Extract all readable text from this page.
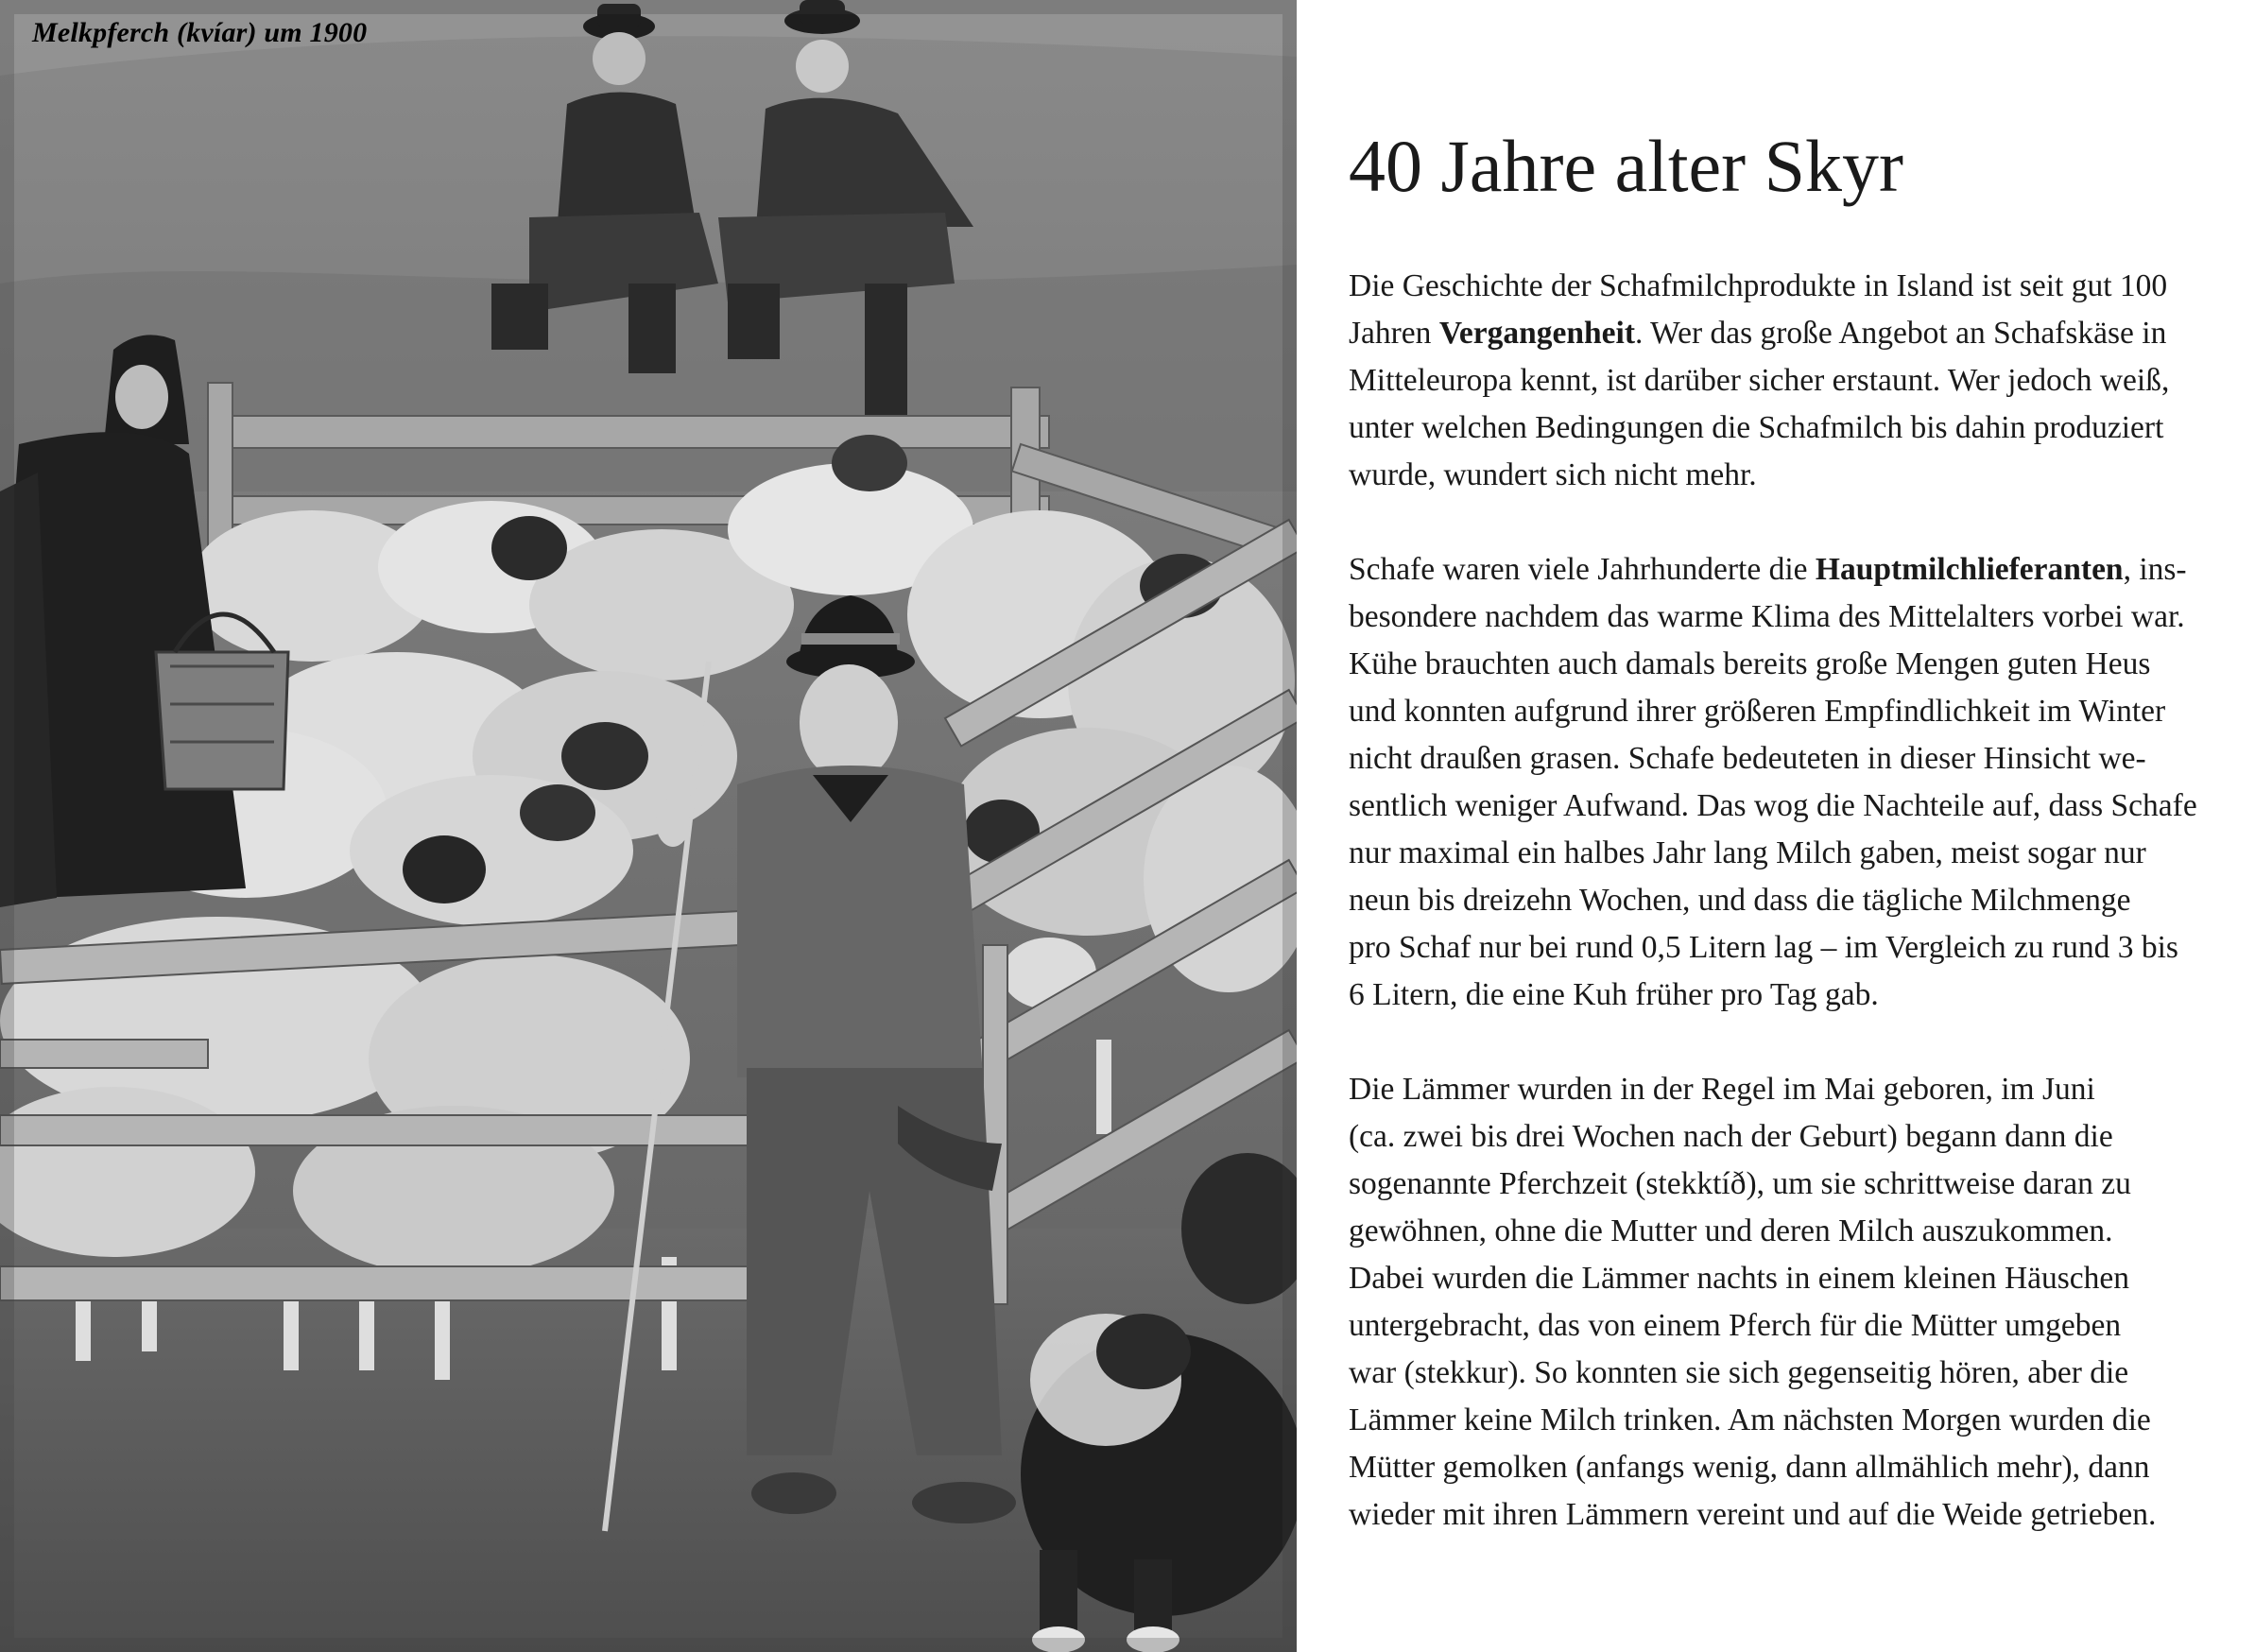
Melkpferch (kvíar) um 1900
40 Jahre alter Skyr

Die Geschichte der Schafmilchprodukte in Island ist seit gut 100
Jahren Vergangenheit. Wer das große Angebot an Schafskäse in
Mitteleuropa kennt, ist darüber sicher erstaunt. Wer jedoch weiß,
unter welchen Bedingungen die Schafmilch bis dahin produziert
wurde, wundert sich nicht mehr.

Schafe waren viele Jahrhunderte die Hauptmilchlieferanten, ins-
besondere nachdem das warme Klima des Mittelalters vorbei war.
Kühe brauchten auch damals bereits große Mengen guten Heus
und konnten aufgrund ihrer größeren Empfindlichkeit im Winter
nicht draußen grasen. Schafe bedeuteten in dieser Hinsicht we-
sentlich weniger Aufwand. Das wog die Nachteile auf, dass Schafe
nur maximal ein halbes Jahr lang Milch gaben, meist sogar nur
neun bis dreizehn Wochen, und dass die tägliche Milchmenge
pro Schaf nur bei rund 0,5 Litern lag – im Vergleich zu rund 3 bis
6 Litern, die eine Kuh früher pro Tag gab.

Die Lämmer wurden in der Regel im Mai geboren, im Juni
(ca. zwei bis drei Wochen nach der Geburt) begann dann die
sogenannte Pferchzeit (stekktíð), um sie schrittweise daran zu
gewöhnen, ohne die Mutter und deren Milch auszukommen.
Dabei wurden die Lämmer nachts in einem kleinen Häuschen
untergebracht, das von einem Pferch für die Mütter umgeben
war (stekkur). So konnten sie sich gegenseitig hören, aber die
Lämmer keine Milch trinken. Am nächsten Morgen wurden die
Mütter gemolken (anfangs wenig, dann allmählich mehr), dann
wieder mit ihren Lämmern vereint und auf die Weide getrieben.
